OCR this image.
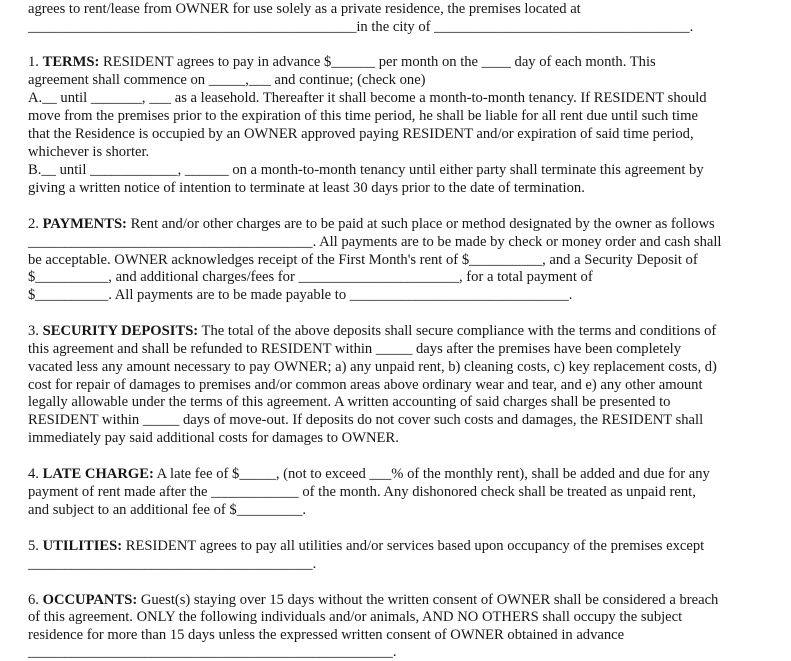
agrees to rent/lease from OWNER for use solely as a private residence, the premises located at
_____________________________________________in the city of ___________________________________.
1. TERMS: RESIDENT agrees to pay in advance $______ per month on the ____ day of each month. This
agreement shall commence on _____,___ and continue; (check one)
A.__ until _______, ___ as a leasehold. Thereafter it shall become a month-to-month tenancy. If RESIDENT should
move from the premises prior to the expiration of this time period, he shall be liable for all rent due until such time
that the Residence is occupied by an OWNER approved paying RESIDENT and/or expiration of said time period,
whichever is shorter.
B.__ until ____________, ______ on a month-to-month tenancy until either party shall terminate this agreement by
giving a written notice of intention to terminate at least 30 days prior to the date of termination.
2. PAYMENTS: Rent and/or other charges are to be paid at such place or method designated by the owner as follows
_______________________________________. All payments are to be made by check or money order and cash shall
be acceptable. OWNER acknowledges receipt of the First Month's rent of $__________, and a Security Deposit of
$__________, and additional charges/fees for ______________________, for a total payment of
$__________. All payments are to be made payable to ______________________________.
3. SECURITY DEPOSITS: The total of the above deposits shall secure compliance with the terms and conditions of
this agreement and shall be refunded to RESIDENT within _____ days after the premises have been completely
vacated less any amount necessary to pay OWNER; a) any unpaid rent, b) cleaning costs, c) key replacement costs, d)
cost for repair of damages to premises and/or common areas above ordinary wear and tear, and e) any other amount
legally allowable under the terms of this agreement. A written accounting of said charges shall be presented to
RESIDENT within _____ days of move-out. If deposits do not cover such costs and damages, the RESIDENT shall
immediately pay said additional costs for damages to OWNER.
4. LATE CHARGE: A late fee of $_____, (not to exceed ___% of the monthly rent), shall be added and due for any
payment of rent made after the ____________ of the month. Any dishonored check shall be treated as unpaid rent,
and subject to an additional fee of $_________.
5. UTILITIES: RESIDENT agrees to pay all utilities and/or services based upon occupancy of the premises except
_______________________________________.
6. OCCUPANTS: Guest(s) staying over 15 days without the written consent of OWNER shall be considered a breach
of this agreement. ONLY the following individuals and/or animals, AND NO OTHERS shall occupy the subject
residence for more than 15 days unless the expressed written consent of OWNER obtained in advance
__________________________________________________.
